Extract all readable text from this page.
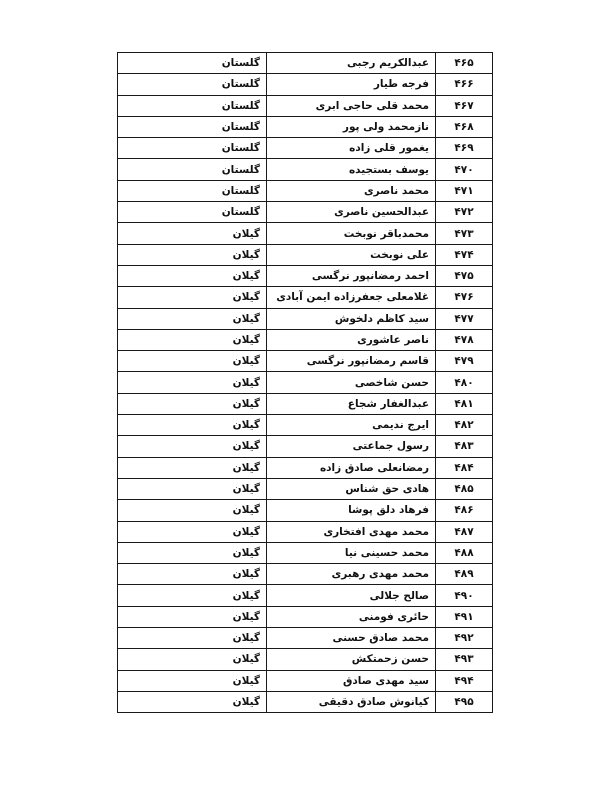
۴۶۵	عبدالکریم رجبی	گلستان
۴۶۶	فرجه طیار	گلستان
۴۶۷	محمد قلی حاجی ابری	گلستان
۴۶۸	نازمحمد ولی پور	گلستان
۴۶۹	یغمور قلی زاده	گلستان
۴۷۰	یوسف بستجیده	گلستان
۴۷۱	محمد ناصری	گلستان
۴۷۲	عبدالحسین ناصری	گلستان
۴۷۳	محمدباقر نوبخت	گیلان
۴۷۴	علی نوبخت	گیلان
۴۷۵	احمد رمضانپور نرگسی	گیلان
۴۷۶	غلامعلی جعفرزاده ایمن آبادی	گیلان
۴۷۷	سید کاظم دلخوش	گیلان
۴۷۸	ناصر عاشوری	گیلان
۴۷۹	قاسم رمضانپور نرگسی	گیلان
۴۸۰	حسن شاخصی	گیلان
۴۸۱	عبدالغفار شجاع	گیلان
۴۸۲	ایرج ندیمی	گیلان
۴۸۳	رسول جماعتی	گیلان
۴۸۴	رمضانعلی صادق زاده	گیلان
۴۸۵	هادی حق شناس	گیلان
۴۸۶	فرهاد دلق پوشا	گیلان
۴۸۷	محمد مهدی افتخاری	گیلان
۴۸۸	محمد حسینی نیا	گیلان
۴۸۹	محمد مهدی رهبری	گیلان
۴۹۰	صالح جلالی	گیلان
۴۹۱	حائری فومنی	گیلان
۴۹۲	محمد صادق حسنی	گیلان
۴۹۳	حسن زحمتکش	گیلان
۴۹۴	سید مهدی صادق	گیلان
۴۹۵	کیانوش صادق دقیقی	گیلان
